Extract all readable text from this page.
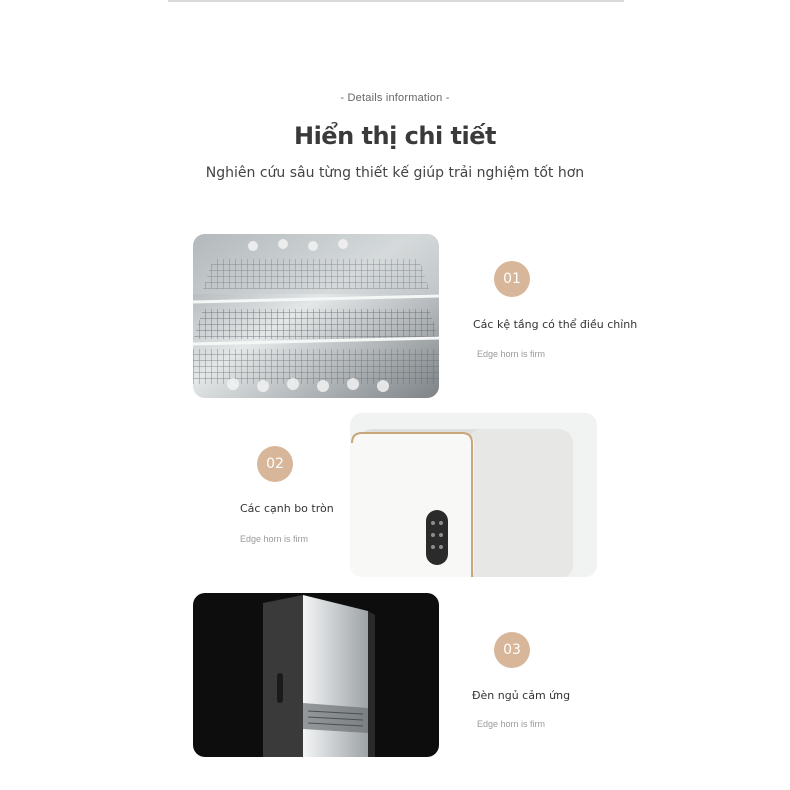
- Details information -
Hiển thị chi tiết
Nghiên cứu sâu từng thiết kế giúp trải nghiệm tốt hơn
01
Các kệ tầng có thể điều chỉnh
Edge horn is firm
02
Các cạnh bo tròn
Edge horn is firm
03
Đèn ngủ cảm ứng
Edge horn is firm
